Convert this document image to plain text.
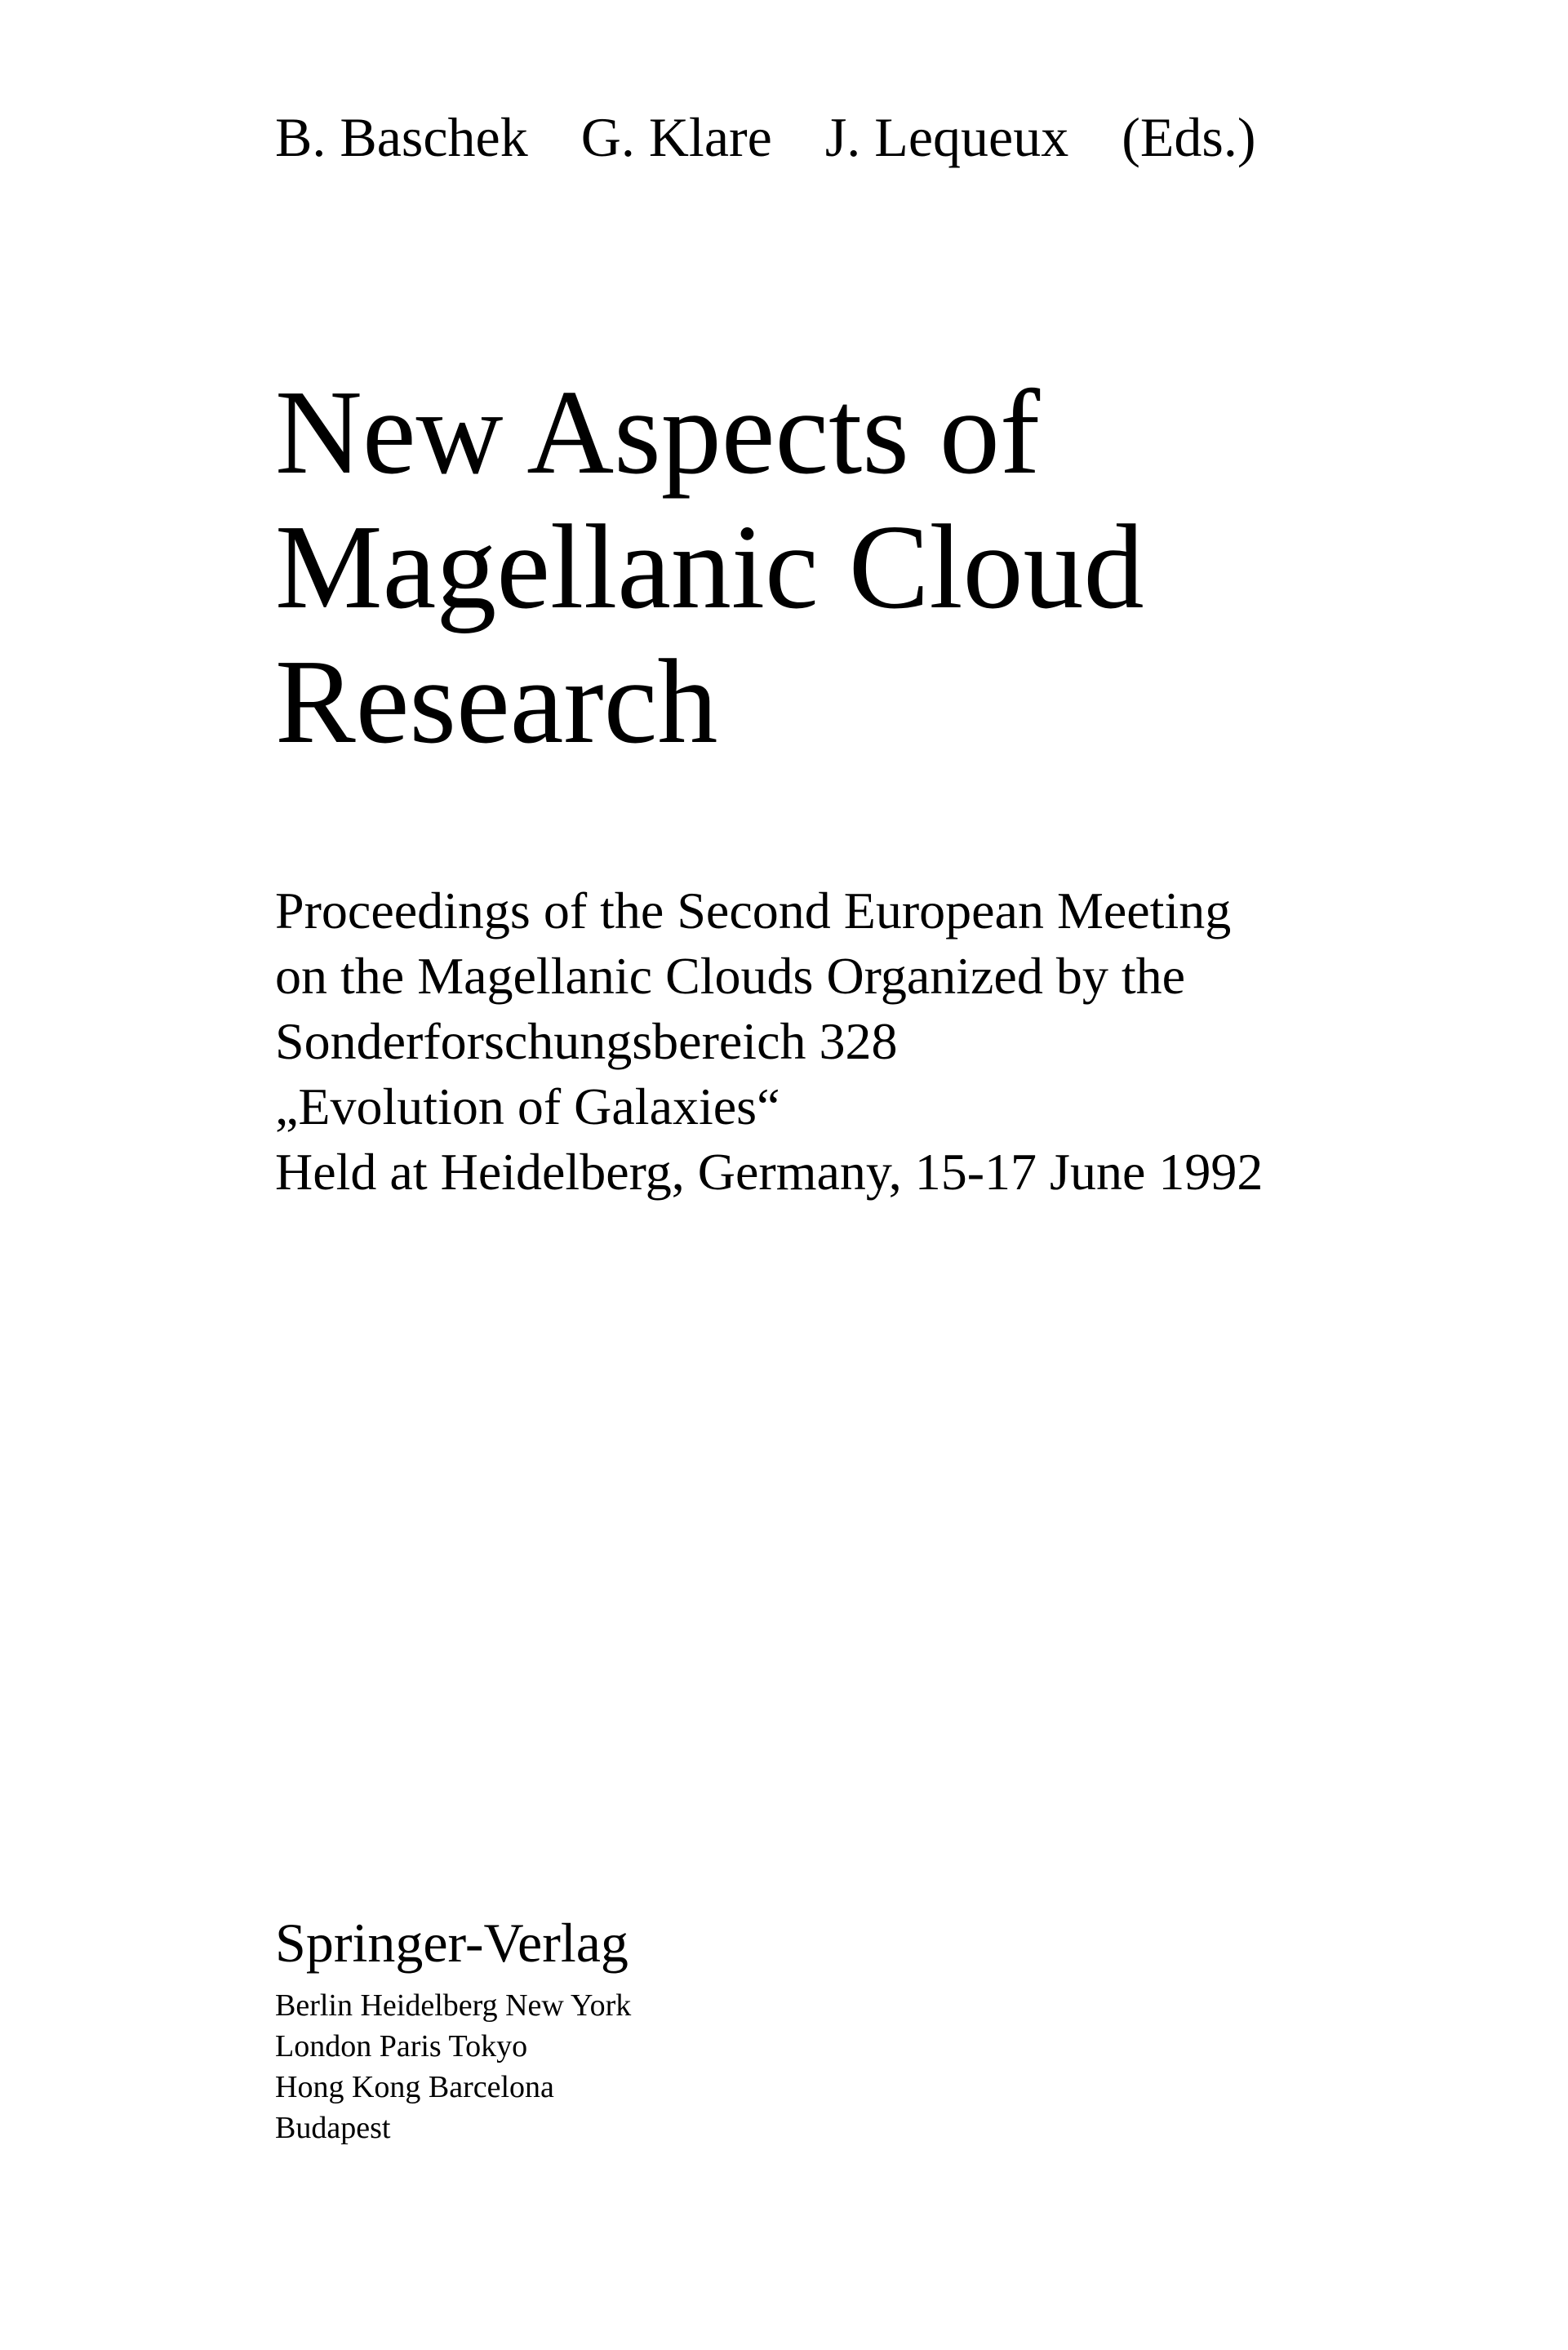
B. Baschek G. Klare J. Lequeux (Eds.)
New Aspects of
Magellanic Cloud
Research
Proceedings of the Second European Meeting
on the Magellanic Clouds Organized by the
Sonderforschungsbereich 328
„Evolution of Galaxies“
Held at Heidelberg, Germany, 15-17 June 1992
Springer-Verlag
Berlin Heidelberg New York
London Paris Tokyo
Hong Kong Barcelona
Budapest
